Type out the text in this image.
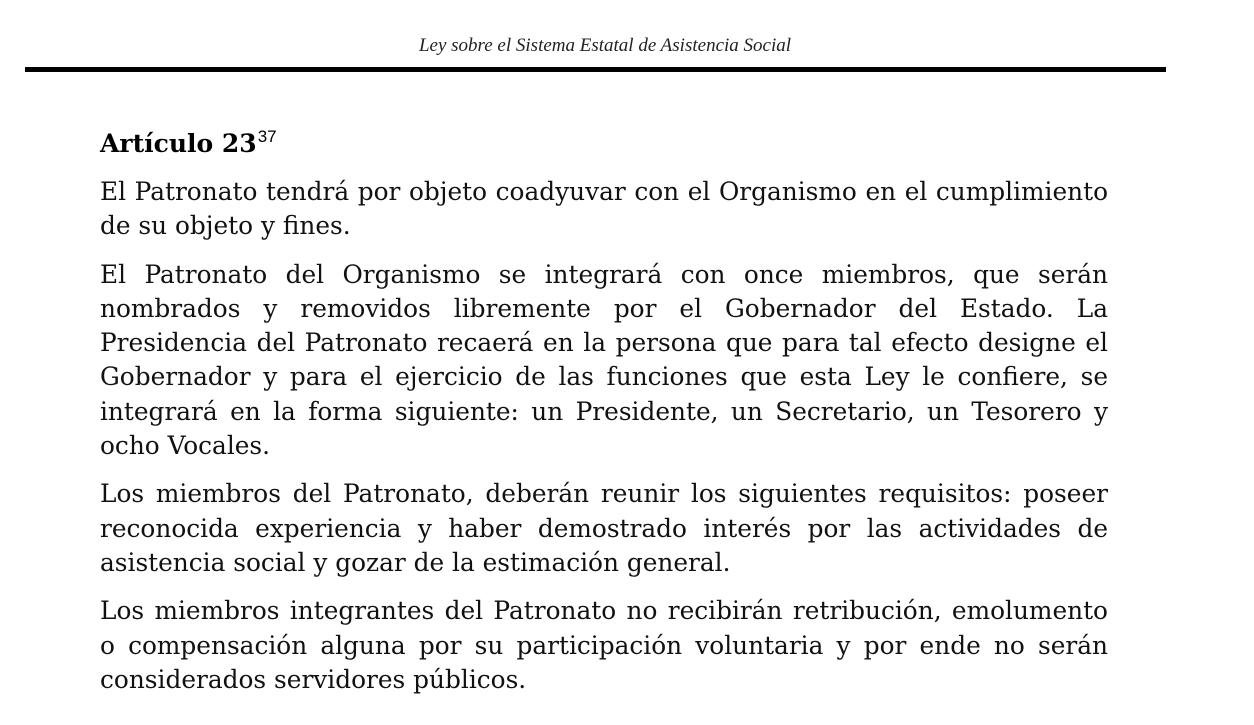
Ley sobre el Sistema Estatal de Asistencia Social
Artículo $23^{37}$

El Patronato tendrá por objeto coadyuvar con el Organismo en el cumplimiento de su objeto y fines.

El Patronato del Organismo se integrará con once miembros, que serán nombrados y removidos libremente por el Gobernador del Estado. La Presidencia del Patronato recaerá en la persona que para tal efecto designe el Gobernador y para el ejercicio de las funciones que esta Ley le confiere, se integrará en la forma siguiente: un Presidente, un Secretario, un Tesorero y ocho Vocales.

Los miembros del Patronato, deberán reunir los siguientes requisitos: poseer reconocida experiencia y haber demostrado interés por las actividades de asistencia social y gozar de la estimación general.

Los miembros integrantes del Patronato no recibirán retribución, emolumento o compensación alguna por su participación voluntaria y por ende no serán considerados servidores públicos.
